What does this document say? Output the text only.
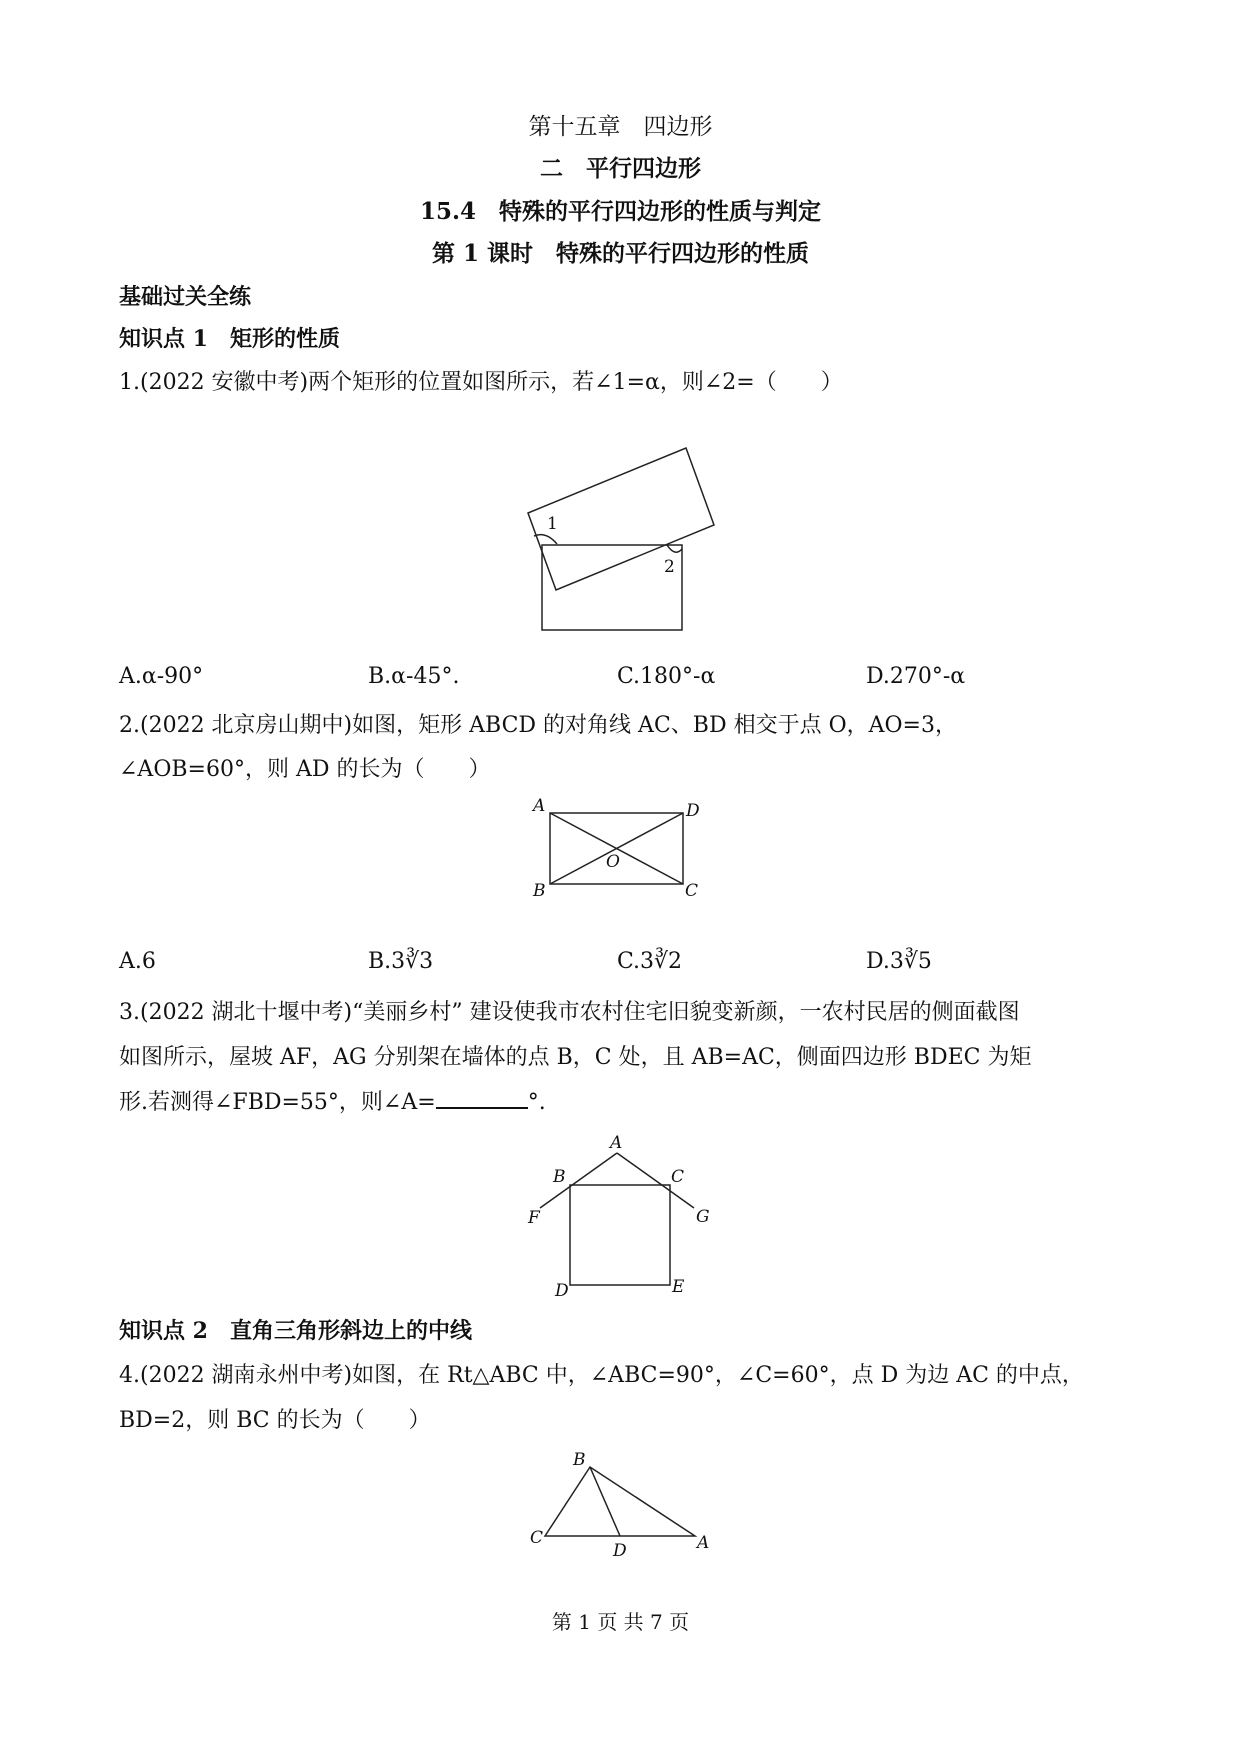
第十五章　四边形
二　平行四边形
15.4　特殊的平行四边形的性质与判定
第 1 课时　特殊的平行四边形的性质
基础过关全练
知识点 1　矩形的性质
1.(2022 安徽中考)两个矩形的位置如图所示，若∠1=α，则∠2=（　　）
1
2
A.α-90°	B.α-45°.	C.180°-α	D.270°-α
2.(2022 北京房山期中)如图，矩形 ABCD 的对角线 AC、BD 相交于点 O，AO=3，
∠AOB=60°，则 AD 的长为（　　）
A	D
B	C
O
A.6	B.3∛3	C.3∛2	D.3∛5
3.(2022 湖北十堰中考)“美丽乡村” 建设使我市农村住宅旧貌变新颜，一农村民居的侧面截图
如图所示，屋坡 AF，AG 分别架在墙体的点 B，C 处，且 AB=AC，侧面四边形 BDEC 为矩
形.若测得∠FBD=55°，则∠A=	°.
A
B	C
F	G
D	E
知识点 2　直角三角形斜边上的中线
4.(2022 湖南永州中考)如图，在 Rt△ABC 中，∠ABC=90°，∠C=60°，点 D 为边 AC 的中点，
BD=2，则 BC 的长为（　　）
B
C
D	A
第 1 页 共 7 页
